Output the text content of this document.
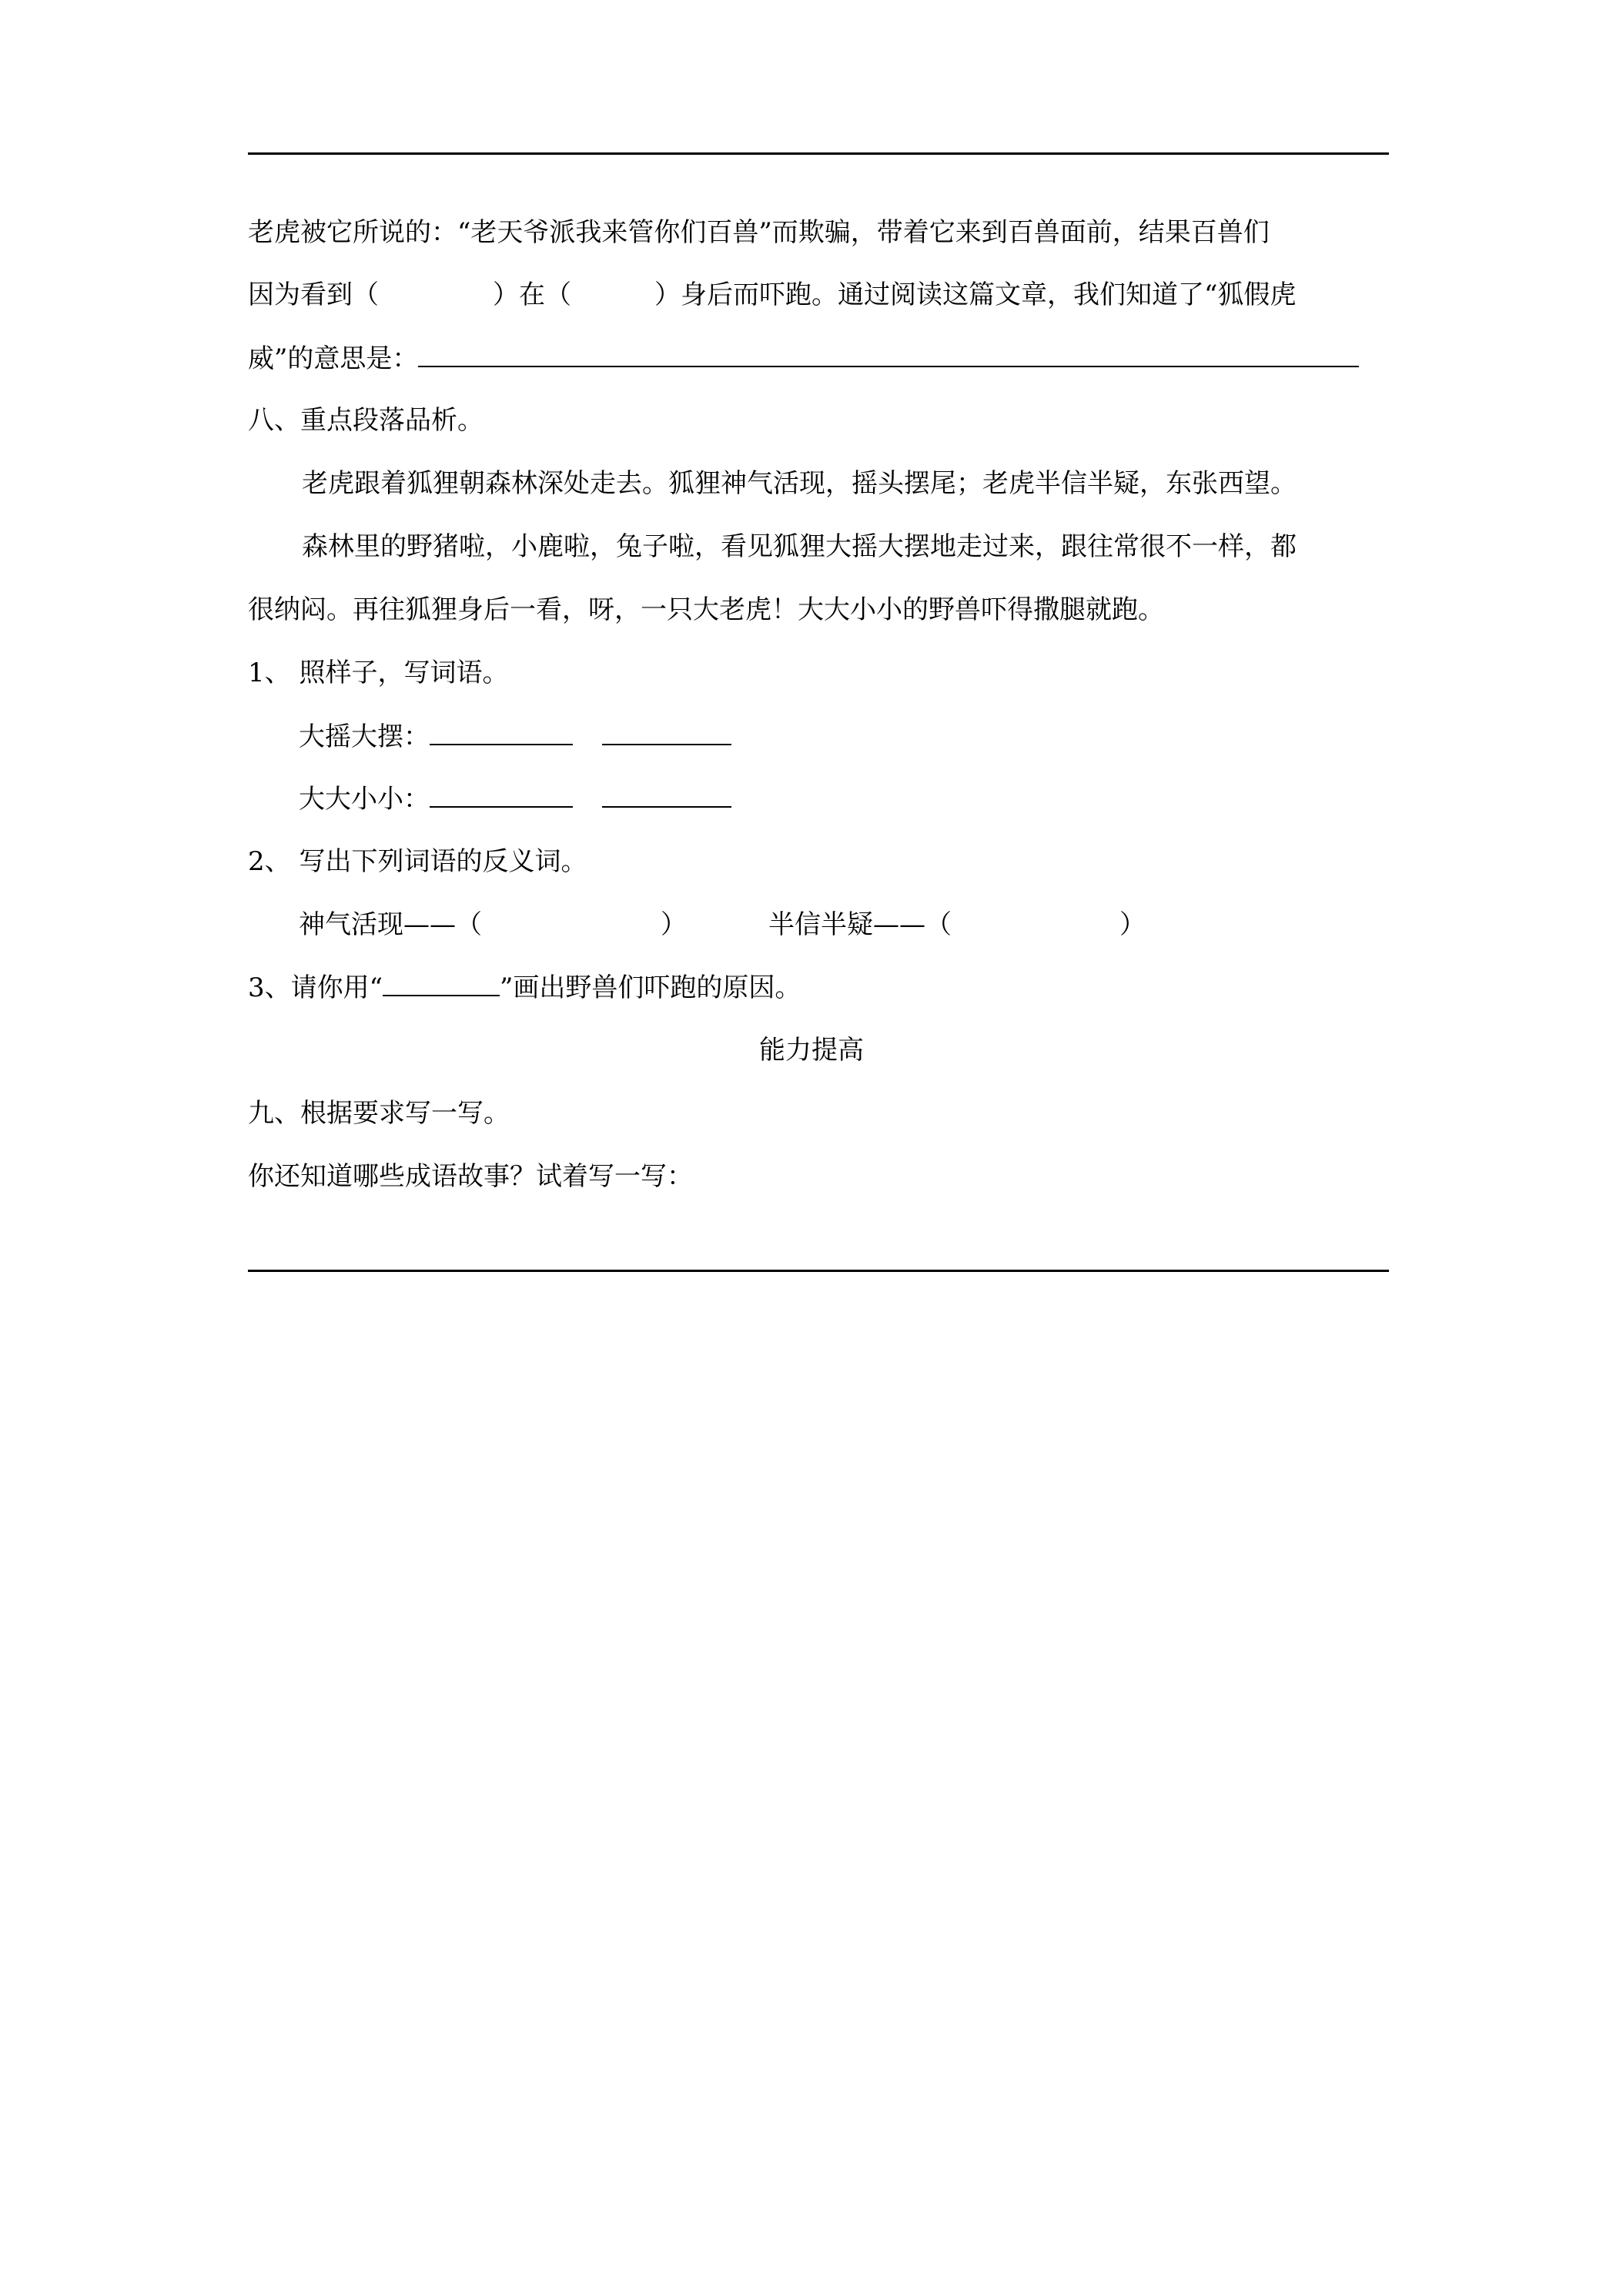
老虎被它所说的：“老天爷派我来管你们百兽”而欺骗，带着它来到百兽面前，结果百兽们
因为看到（	）在（	）身后而吓跑。通过阅读这篇文章，我们知道了“狐假虎
威”的意思是：
八、重点段落品析。
老虎跟着狐狸朝森林深处走去。狐狸神气活现，摇头摆尾；老虎半信半疑，东张西望。
森林里的野猪啦，小鹿啦，兔子啦，看见狐狸大摇大摆地走过来，跟往常很不一样，都
很纳闷。再往狐狸身后一看，呀，一只大老虎！大大小小的野兽吓得撒腿就跑。
1、 照样子，写词语。
大摇大摆：
大大小小：
2、 写出下列词语的反义词。
神气活现——（	）	半信半疑——（	）
3、请你用“	”画出野兽们吓跑的原因。
能力提高
九、根据要求写一写。
你还知道哪些成语故事？试着写一写：
